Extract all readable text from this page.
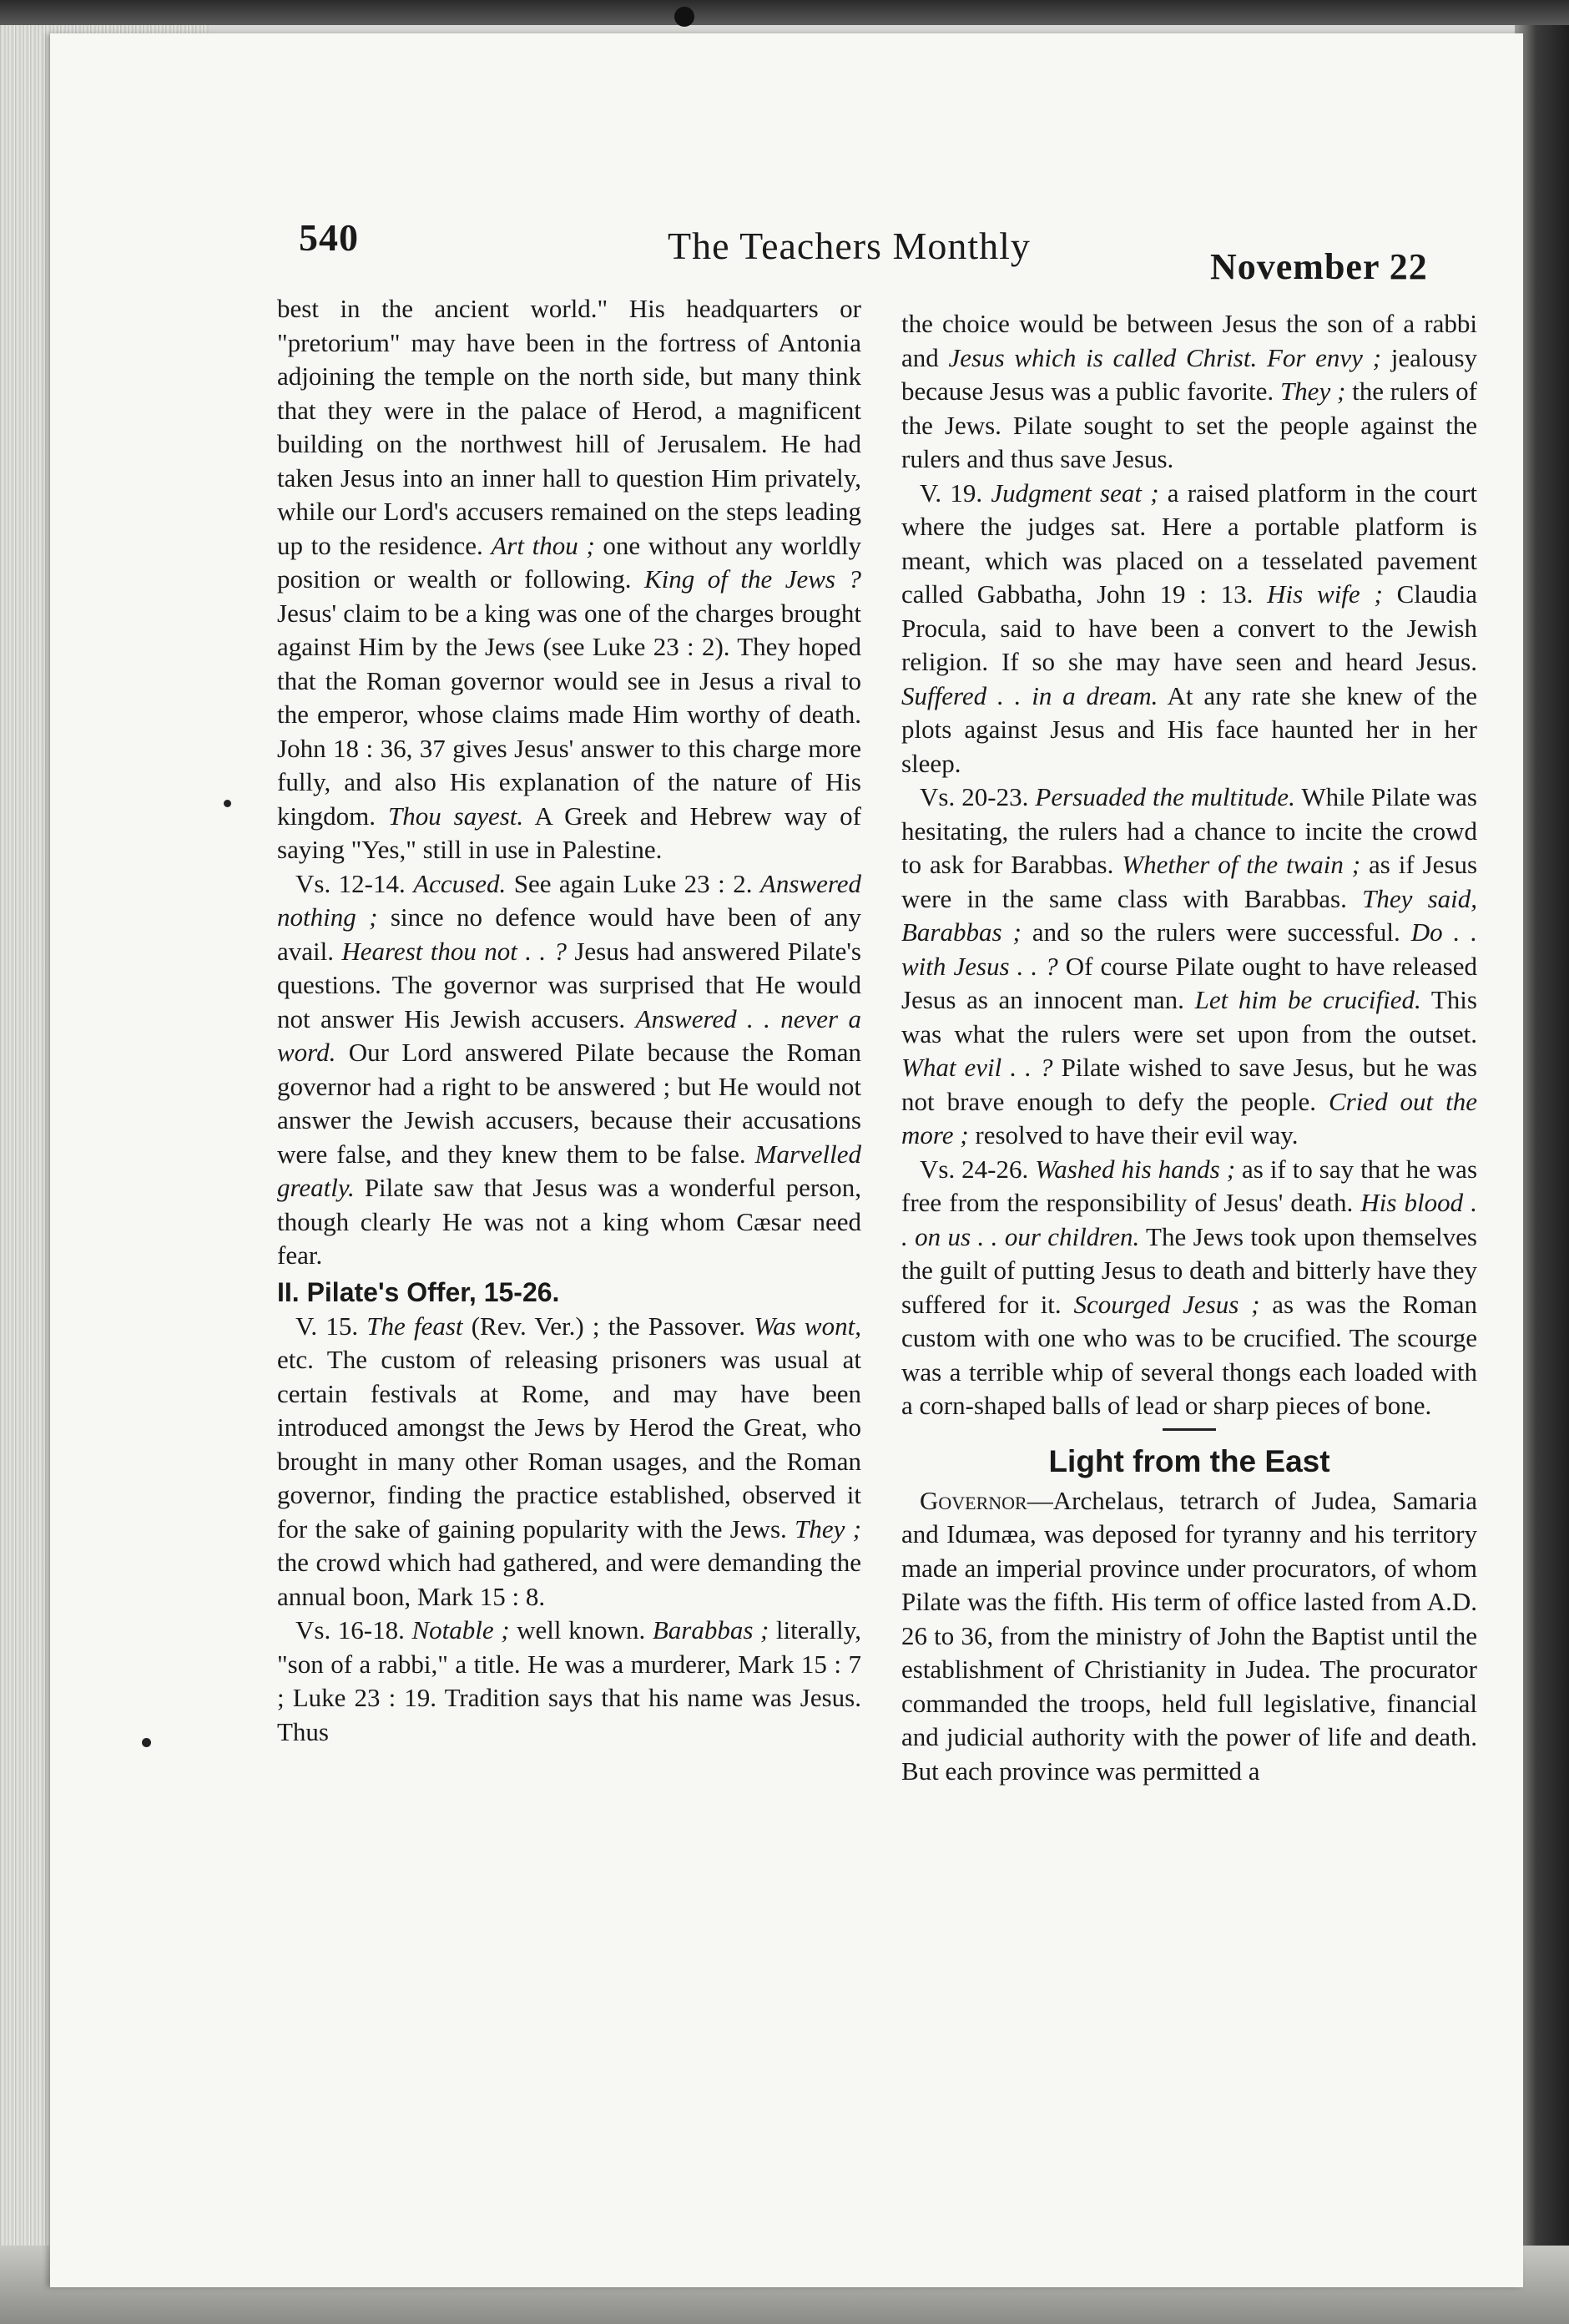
540	The Teachers Monthly	November 22

best in the ancient world." His headquarters or "pretorium" may have been in the fortress of Antonia adjoining the temple on the north side, but many think that they were in the palace of Herod, a magnificent building on the northwest hill of Jerusalem. He had taken Jesus into an inner hall to question Him privately, while our Lord's accusers remained on the steps leading up to the residence. Art thou ; one without any worldly position or wealth or following. King of the Jews ? Jesus' claim to be a king was one of the charges brought against Him by the Jews (see Luke 23 : 2). They hoped that the Roman governor would see in Jesus a rival to the emperor, whose claims made Him worthy of death. John 18 : 36, 37 gives Jesus' answer to this charge more fully, and also His explanation of the nature of His kingdom. Thou sayest. A Greek and Hebrew way of saying "Yes," still in use in Palestine.

Vs. 12-14. Accused. See again Luke 23 : 2. Answered nothing ; since no defence would have been of any avail. Hearest thou not . . ? Jesus had answered Pilate's questions. The governor was surprised that He would not answer His Jewish accusers. Answered . . never a word. Our Lord answered Pilate because the Roman governor had a right to be answered ; but He would not answer the Jewish accusers, because their accusations were false, and they knew them to be false. Marvelled greatly. Pilate saw that Jesus was a wonderful person, though clearly He was not a king whom Cæsar need fear.

II. Pilate's Offer, 15-26.

V. 15. The feast (Rev. Ver.) ; the Passover. Was wont, etc. The custom of releasing prisoners was usual at certain festivals at Rome, and may have been introduced amongst the Jews by Herod the Great, who brought in many other Roman usages, and the Roman governor, finding the practice established, observed it for the sake of gaining popularity with the Jews. They ; the crowd which had gathered, and were demanding the annual boon, Mark 15 : 8.

Vs. 16-18. Notable ; well known. Barabbas ; literally, "son of a rabbi," a title. He was a murderer, Mark 15 : 7 ; Luke 23 : 19. Tradition says that his name was Jesus. Thus

the choice would be between Jesus the son of a rabbi and Jesus which is called Christ. For envy ; jealousy because Jesus was a public favorite. They ; the rulers of the Jews. Pilate sought to set the people against the rulers and thus save Jesus.

V. 19. Judgment seat ; a raised platform in the court where the judges sat. Here a portable platform is meant, which was placed on a tesselated pavement called Gabbatha, John 19 : 13. His wife ; Claudia Procula, said to have been a convert to the Jewish religion. If so she may have seen and heard Jesus. Suffered . . in a dream. At any rate she knew of the plots against Jesus and His face haunted her in her sleep.

Vs. 20-23. Persuaded the multitude. While Pilate was hesitating, the rulers had a chance to incite the crowd to ask for Barabbas. Whether of the twain ; as if Jesus were in the same class with Barabbas. They said, Barabbas ; and so the rulers were successful. Do . . with Jesus . . ? Of course Pilate ought to have released Jesus as an innocent man. Let him be crucified. This was what the rulers were set upon from the outset. What evil . . ? Pilate wished to save Jesus, but he was not brave enough to defy the people. Cried out the more ; resolved to have their evil way.

Vs. 24-26. Washed his hands ; as if to say that he was free from the responsibility of Jesus' death. His blood . . on us . . our children. The Jews took upon themselves the guilt of putting Jesus to death and bitterly have they suffered for it. Scourged Jesus ; as was the Roman custom with one who was to be crucified. The scourge was a terrible whip of several thongs each loaded with a corn-shaped balls of lead or sharp pieces of bone.

Light from the East

Governor—Archelaus, tetrarch of Judea, Samaria and Idumæa, was deposed for tyranny and his territory made an imperial province under procurators, of whom Pilate was the fifth. His term of office lasted from A.D. 26 to 36, from the ministry of John the Baptist until the establishment of Christianity in Judea. The procurator commanded the troops, held full legislative, financial and judicial authority with the power of life and death. But each province was permitted a
